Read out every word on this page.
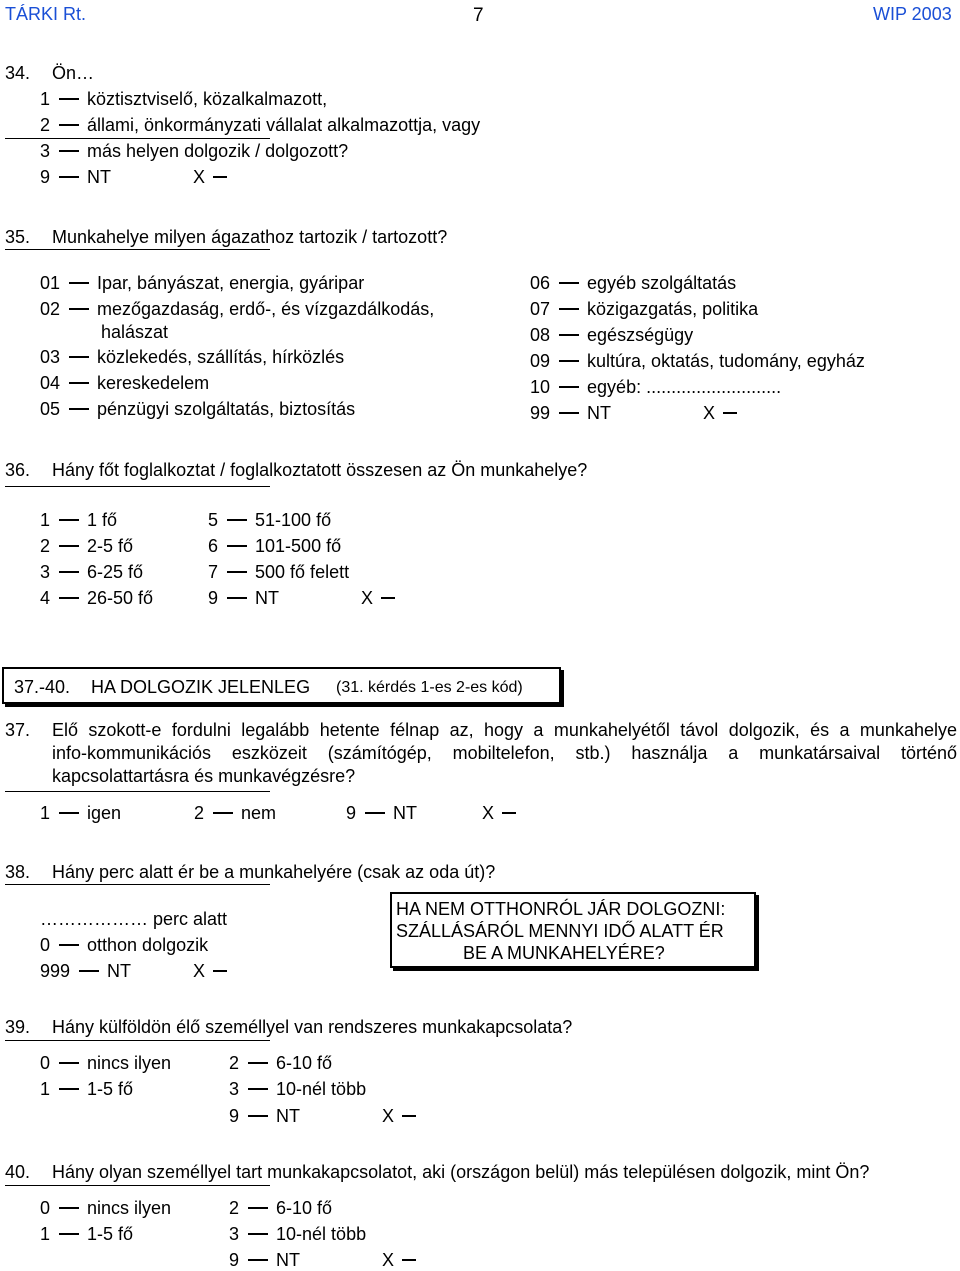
TÁRKI Rt.	7	WIP 2003
34. Ön…
1 köztisztviselő, közalkalmazott,
2 állami, önkormányzati vállalat alkalmazottja, vagy
3 más helyen dolgozik / dolgozott?
9 NT	X
35. Munkahelye milyen ágazathoz tartozik / tartozott?
01 Ipar, bányászat, energia, gyáripar
02 mezőgazdaság, erdő-, és vízgazdálkodás,
halászat
03 közlekedés, szállítás, hírközlés
04 kereskedelem
05 pénzügyi szolgáltatás, biztosítás
06 egyéb szolgáltatás
07 közigazgatás, politika
08 egészségügy
09 kultúra, oktatás, tudomány, egyház
10 egyéb: ...........................
99 NT	X
36. Hány főt foglalkoztat / foglalkoztatott összesen az Ön munkahelye?
1 1 fő
2 2-5 fő
3 6-25 fő
4 26-50 fő
5 51-100 fő
6 101-500 fő
7 500 fő felett
9 NT	X
37.-40. HA DOLGOZIK JELENLEG (31. kérdés 1-es 2-es kód)
37. Elő szokott-e fordulni legalább hetente félnap az, hogy a munkahelyétől távol dolgozik, és a munkahelye
info-kommunikációs eszközeit (számítógép, mobiltelefon, stb.) használja a munkatársaival történő
kapcsolattartásra és munkavégzésre?
1 igen	2 nem	9 NT	X
38. Hány perc alatt ér be a munkahelyére (csak az oda út)?
……………… perc alatt
0 otthon dolgozik
999 NT	X
HA NEM OTTHONRÓL JÁR DOLGOZNI:
SZÁLLÁSÁRÓL MENNYI IDŐ ALATT ÉR
BE A MUNKAHELYÉRE?
39. Hány külföldön élő személlyel van rendszeres munkakapcsolata?
0 nincs ilyen
1 1-5 fő
2 6-10 fő
3 10-nél több
9 NT	X
40. Hány olyan személlyel tart munkakapcsolatot, aki (országon belül) más településen dolgozik, mint Ön?
0 nincs ilyen
1 1-5 fő
2 6-10 fő
3 10-nél több
9 NT	X
